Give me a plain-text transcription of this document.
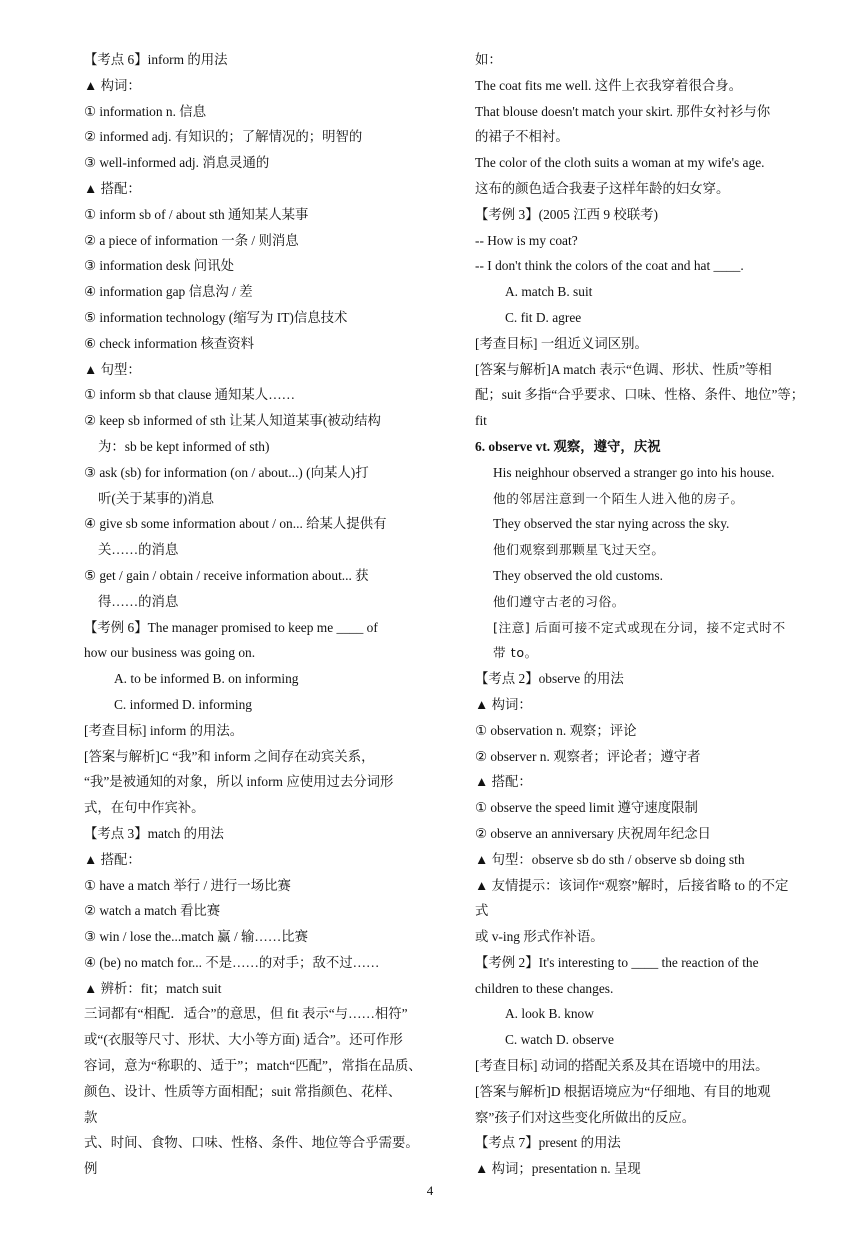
【考点 6】inform 的用法
▲ 构词：
① information n. 信息
② informed adj. 有知识的；了解情况的；明智的
③ well-informed adj. 消息灵通的
▲ 搭配：
① inform sb of / about sth 通知某人某事
② a piece of information 一条 / 则消息
③ information desk 问讯处
④ information gap 信息沟 / 差
⑤ information technology (缩写为 IT)信息技术
⑥ check information 核查资料
▲ 句型：
① inform sb that clause 通知某人……
② keep sb informed of sth 让某人知道某事(被动结构
为：sb be kept informed of sth)
③ ask (sb) for information (on / about...) (向某人)打
听(关于某事的)消息
④ give sb some information about / on... 给某人提供有
关……的消息
⑤ get / gain / obtain / receive information about... 获
得……的消息
【考例 6】The manager promised to keep me ____ of
how our business was going on.
A. to be informed B. on informing
C. informed D. informing
[考查目标] inform 的用法。
[答案与解析]C “我”和 inform 之间存在动宾关系，
“我”是被通知的对象，所以 inform 应使用过去分词形
式，在句中作宾补。
【考点 3】match 的用法
▲ 搭配：
① have a match 举行 / 进行一场比赛
② watch a match 看比赛
③ win / lose the...match 赢 / 输……比赛
④ (be) no match for... 不是……的对手；敌不过……
▲ 辨析：fit；match suit
三词都有“相配．适合”的意思，但 fit 表示“与……相符”
或“(衣服等尺寸、形状、大小等方面) 适合”。还可作形
容词，意为“称职的、适于”；match“匹配”，常指在品质、
颜色、设计、性质等方面相配；suit 常指颜色、花样、
款
式、时间、食物、口味、性格、条件、地位等合乎需要。
例
如：
The coat fits me well. 这件上衣我穿着很合身。
That blouse doesn't match your skirt. 那件女衬衫与你
的裙子不相衬。
The color of the cloth suits a woman at my wife's age.
这布的颜色适合我妻子这样年龄的妇女穿。
【考例 3】(2005 江西 9 校联考)
-- How is my coat?
-- I don't think the colors of the coat and hat ____.
A. match B. suit
C. fit D. agree
[考查目标] 一组近义词区别。
[答案与解析]A match 表示“色调、形状、性质”等相
配；suit 多指“合乎要求、口味、性格、条件、地位”等；
fit
6. observe vt. 观察，遵守，庆祝
His neighhour observed a stranger go into his house.
他的邻居注意到一个陌生人进入他的房子。
They observed the star nying across the sky.
他们观察到那颗星飞过天空。
They observed the old customs.
他们遵守古老的习俗。
[注意] 后面可接不定式或现在分词，接不定式时不
带 to。
【考点 2】observe 的用法
▲ 构词：
① observation n. 观察；评论
② observer n. 观察者；评论者；遵守者
▲ 搭配：
① observe the speed limit 遵守速度限制
② observe an anniversary 庆祝周年纪念日
▲ 句型：observe sb do sth / observe sb doing sth
▲ 友情提示：该词作“观察”解时，后接省略 to 的不定
式
或 v-ing 形式作补语。
【考例 2】It's interesting to ____ the reaction of the
children to these changes.
A. look B. know
C. watch D. observe
[考查目标] 动词的搭配关系及其在语境中的用法。
[答案与解析]D 根据语境应为“仔细地、有目的地观
察”孩子们对这些变化所做出的反应。
【考点 7】present 的用法
▲ 构词；presentation n. 呈现
4
